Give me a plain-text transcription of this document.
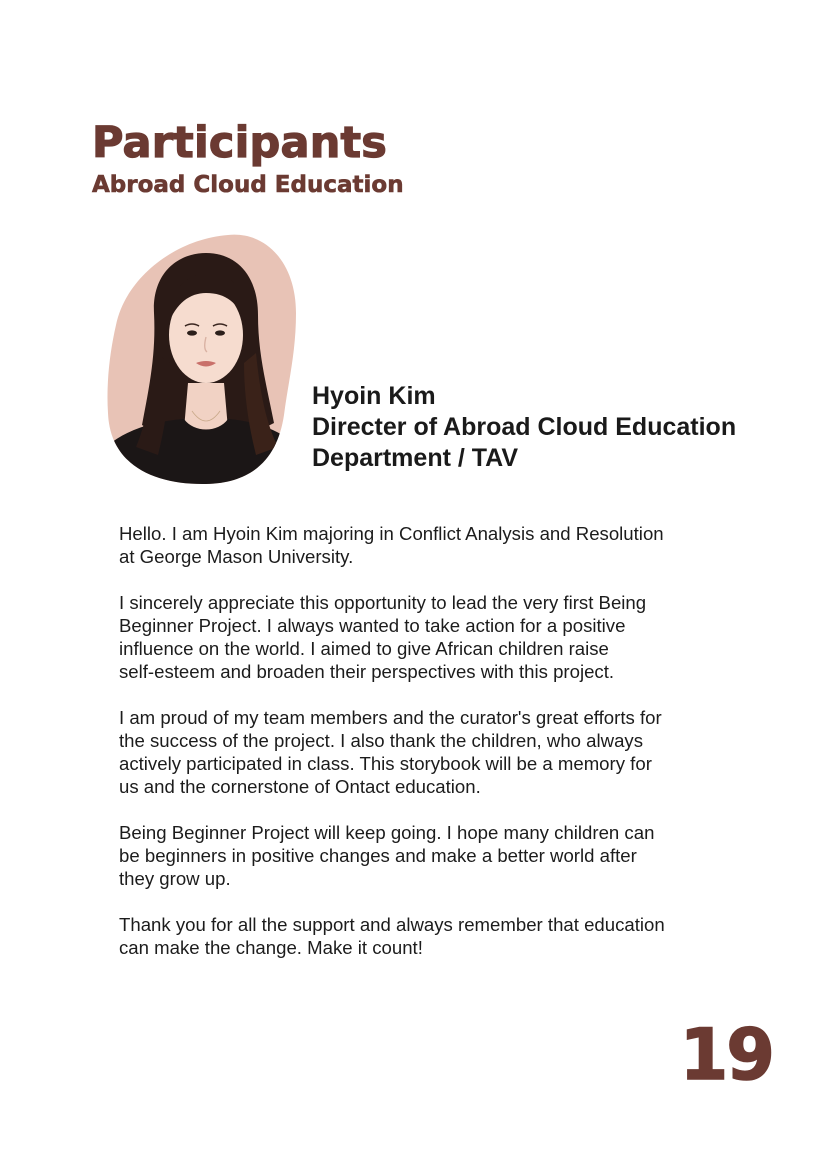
Participants
Abroad Cloud Education
Hyoin Kim
Directer of Abroad Cloud Education
Department / TAV

Hello. I am Hyoin Kim majoring in Conflict Analysis and Resolution
at George Mason University.

I sincerely appreciate this opportunity to lead the very first Being
Beginner Project. I always wanted to take action for a positive
influence on the world. I aimed to give African children raise
self-esteem and broaden their perspectives with this project.

I am proud of my team members and the curator's great efforts for
the success of the project. I also thank the children, who always
actively participated in class. This storybook will be a memory for
us and the cornerstone of Ontact education.

Being Beginner Project will keep going. I hope many children can
be beginners in positive changes and make a better world after
they grow up.

Thank you for all the support and always remember that education
can make the change. Make it count!

19
